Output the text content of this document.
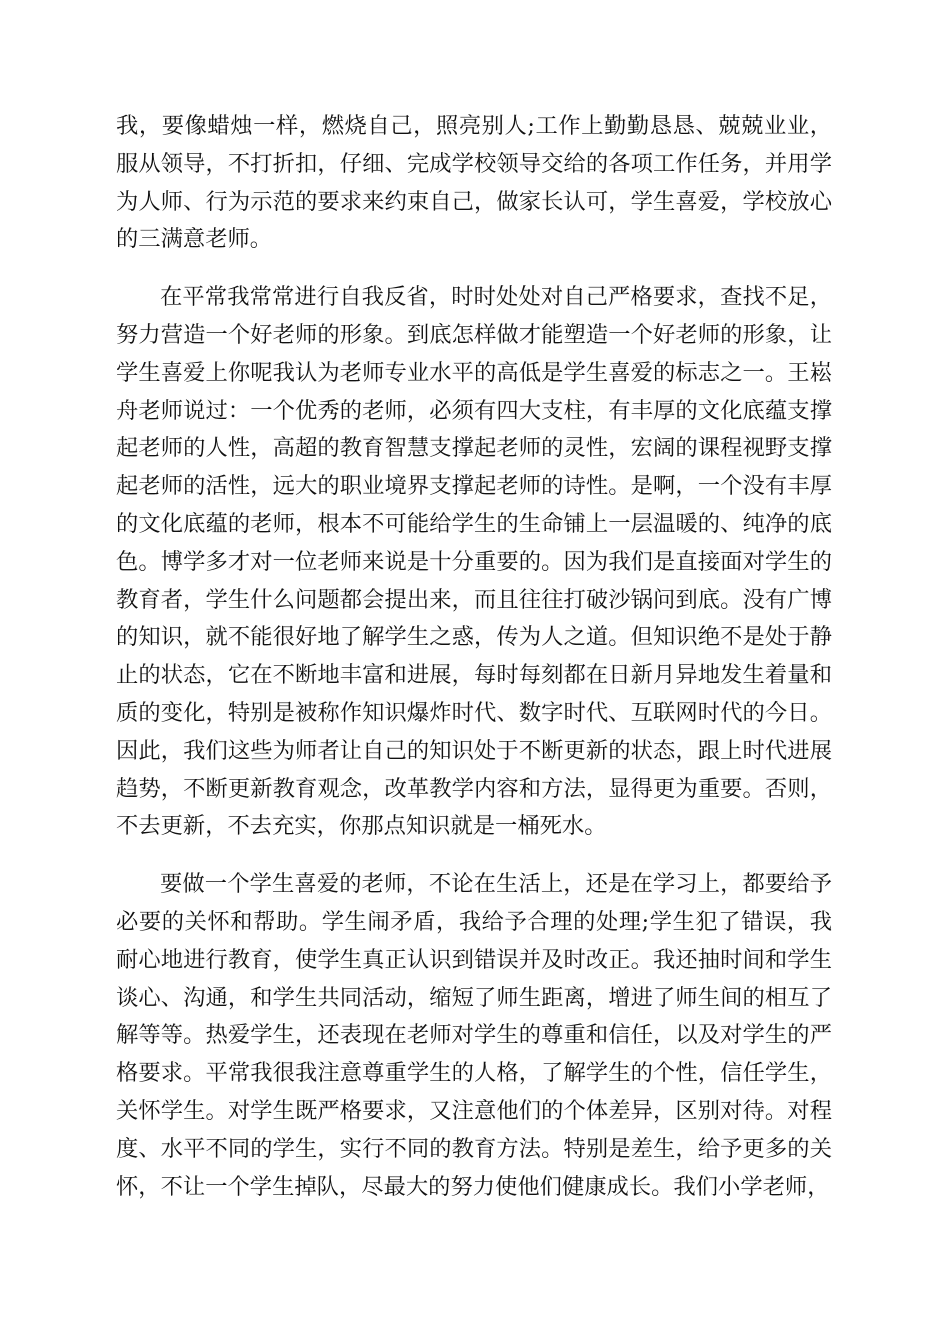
我，要像蜡烛一样，燃烧自己，照亮别人;工作上勤勤恳恳、兢兢业业，服从领导，不打折扣，仔细、完成学校领导交给的各项工作任务，并用学为人师、行为示范的要求来约束自己，做家长认可，学生喜爱，学校放心的三满意老师。

在平常我常常进行自我反省，时时处处对自己严格要求，查找不足，努力营造一个好老师的形象。到底怎样做才能塑造一个好老师的形象，让学生喜爱上你呢我认为老师专业水平的高低是学生喜爱的标志之一。王崧舟老师说过：一个优秀的老师，必须有四大支柱，有丰厚的文化底蕴支撑起老师的人性，高超的教育智慧支撑起老师的灵性，宏阔的课程视野支撑起老师的活性，远大的职业境界支撑起老师的诗性。是啊，一个没有丰厚的文化底蕴的老师，根本不可能给学生的生命铺上一层温暖的、纯净的底色。博学多才对一位老师来说是十分重要的。因为我们是直接面对学生的教育者，学生什么问题都会提出来，而且往往打破沙锅问到底。没有广博的知识，就不能很好地了解学生之惑，传为人之道。但知识绝不是处于静止的状态，它在不断地丰富和进展，每时每刻都在日新月异地发生着量和质的变化，特别是被称作知识爆炸时代、数字时代、互联网时代的今日。因此，我们这些为师者让自己的知识处于不断更新的状态，跟上时代进展趋势，不断更新教育观念，改革教学内容和方法，显得更为重要。否则，不去更新，不去充实，你那点知识就是一桶死水。

要做一个学生喜爱的老师，不论在生活上，还是在学习上，都要给予必要的关怀和帮助。学生闹矛盾，我给予合理的处理;学生犯了错误，我耐心地进行教育，使学生真正认识到错误并及时改正。我还抽时间和学生谈心、沟通，和学生共同活动，缩短了师生距离，增进了师生间的相互了解等等。热爱学生，还表现在老师对学生的尊重和信任，以及对学生的严格要求。平常我很我注意尊重学生的人格，了解学生的个性，信任学生，关怀学生。对学生既严格要求，又注意他们的个体差异，区别对待。对程度、水平不同的学生，实行不同的教育方法。特别是差生，给予更多的关怀，不让一个学生掉队，尽最大的努力使他们健康成长。我们小学老师，
